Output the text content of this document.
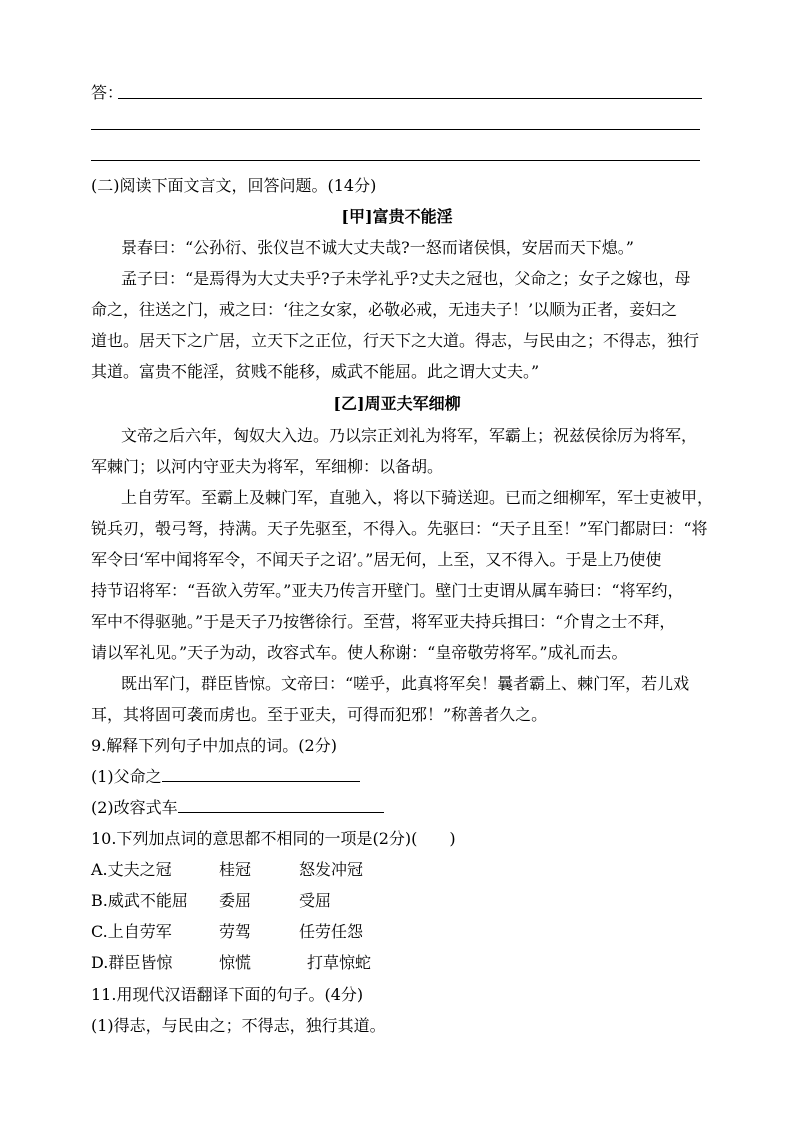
答：
(二)阅读下面文言文，回答问题。(14分)
[甲]富贵不能淫
景春曰：“公孙衍、张仪岂不诚大丈夫哉?一怒而诸侯惧，安居而天下熄。”
孟子曰：“是焉得为大丈夫乎?子未学礼乎?丈夫之冠也，父命之；女子之嫁也，母
命之，往送之门，戒之曰：‘往之女家，必敬必戒，无违夫子！’以顺为正者，妾妇之
道也。居天下之广居，立天下之正位，行天下之大道。得志，与民由之；不得志，独行
其道。富贵不能淫，贫贱不能移，威武不能屈。此之谓大丈夫。”
[乙]周亚夫军细柳
文帝之后六年，匈奴大入边。乃以宗正刘礼为将军，军霸上；祝兹侯徐厉为将军，
军棘门；以河内守亚夫为将军，军细柳：以备胡。
上自劳军。至霸上及棘门军，直驰入，将以下骑送迎。已而之细柳军，军士吏被甲，
锐兵刃，彀弓弩，持满。天子先驱至，不得入。先驱曰：“天子且至！”军门都尉曰：“将
军令曰‘军中闻将军令，不闻天子之诏’。”居无何，上至，又不得入。于是上乃使使
持节诏将军：“吾欲入劳军。”亚夫乃传言开壁门。壁门士吏谓从属车骑曰：“将军约，
军中不得驱驰。”于是天子乃按辔徐行。至营，将军亚夫持兵揖曰：“介胄之士不拜，
请以军礼见。”天子为动，改容式车。使人称谢：“皇帝敬劳将军。”成礼而去。
既出军门，群臣皆惊。文帝曰：“嗟乎，此真将军矣！曩者霸上、棘门军，若儿戏
耳，其将固可袭而虏也。至于亚夫，可得而犯邪！”称善者久之。
9.解释下列句子中加点的词。(2分)
(1)父命之
(2)改容式车
10.下列加点词的意思都不相同的一项是(2分)(　　)
A.丈夫之冠	桂冠	怒发冲冠
B.威武不能屈 委屈	受屈
C.上自劳军	劳驾	任劳任怨
D.群臣皆惊	惊慌	打草惊蛇
11.用现代汉语翻译下面的句子。(4分)
(1)得志，与民由之；不得志，独行其道。
